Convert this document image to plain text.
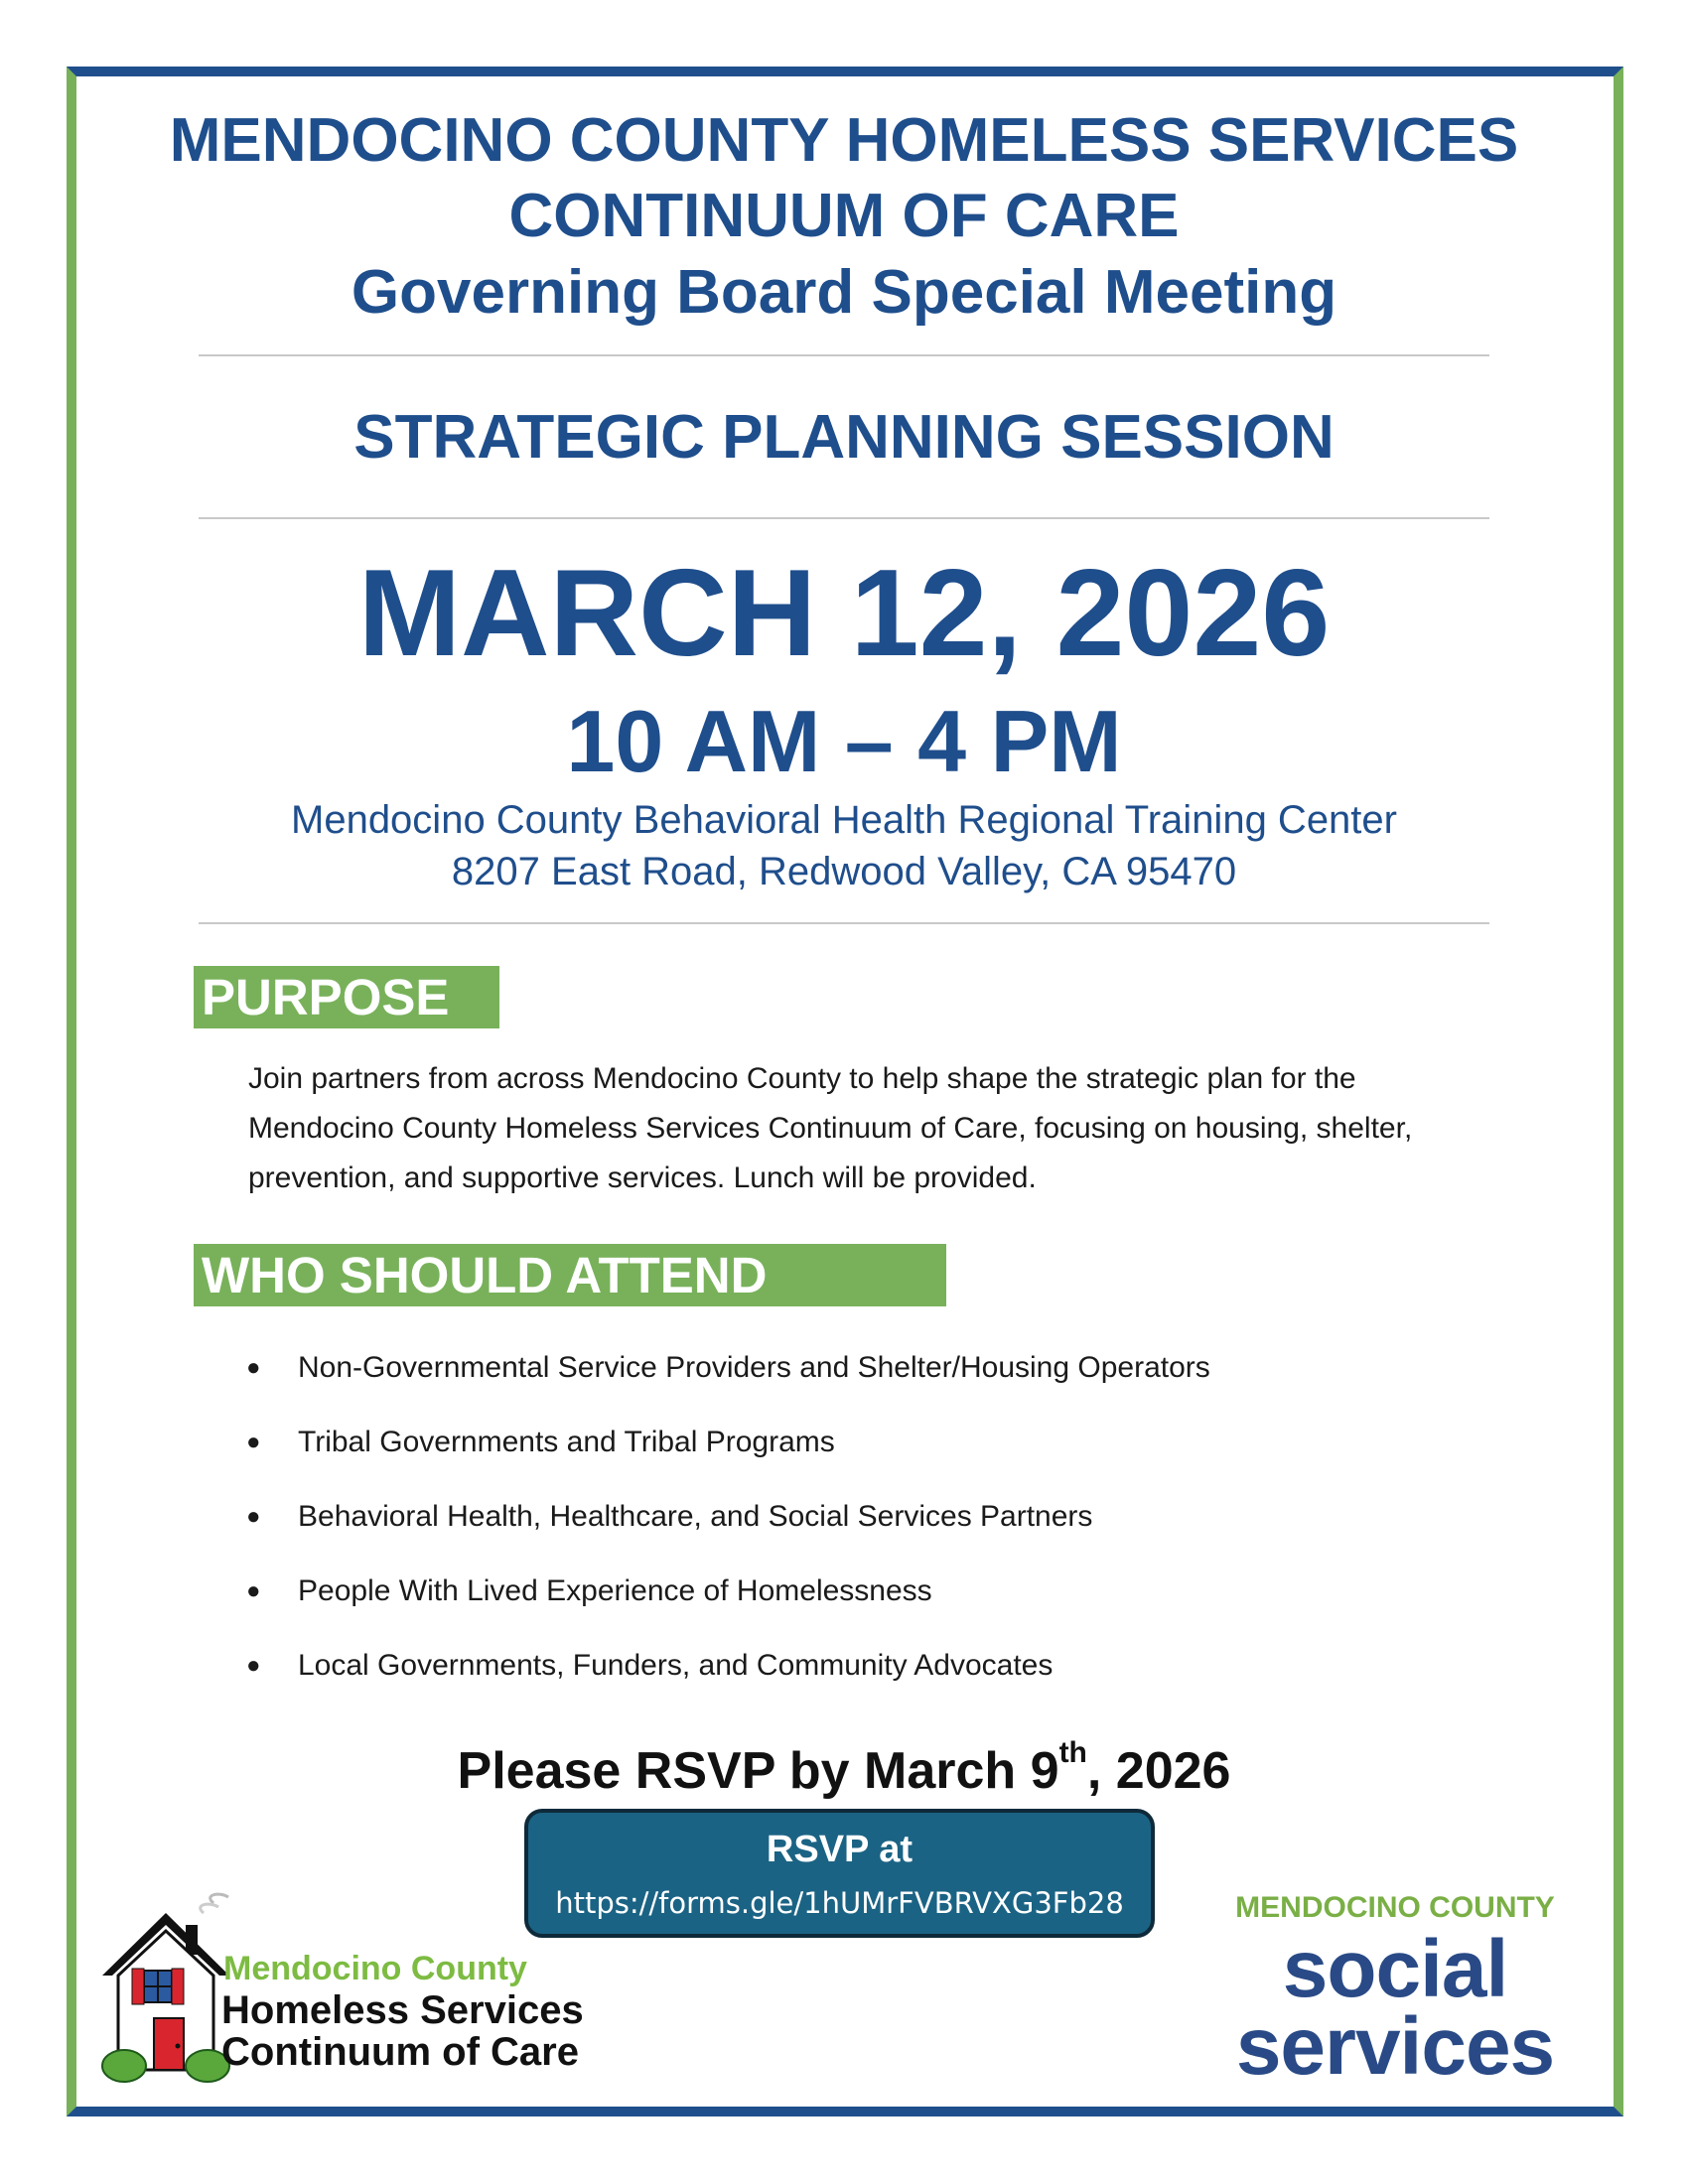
MENDOCINO COUNTY HOMELESS SERVICES
CONTINUUM OF CARE
Governing Board Special Meeting
STRATEGIC PLANNING SESSION
MARCH 12, 2026
10 AM – 4 PM
Mendocino County Behavioral Health Regional Training Center
8207 East Road, Redwood Valley, CA 95470
PURPOSE
Join partners from across Mendocino County to help shape the strategic plan for the Mendocino County Homeless Services Continuum of Care, focusing on housing, shelter, prevention, and supportive services. Lunch will be provided.
WHO SHOULD ATTEND
● Non-Governmental Service Providers and Shelter/Housing Operators
● Tribal Governments and Tribal Programs
● Behavioral Health, Healthcare, and Social Services Partners
● People With Lived Experience of Homelessness
● Local Governments, Funders, and Community Advocates
Please RSVP by March 9th, 2026
RSVP at
https://forms.gle/1hUMrFVBRVXG3Fb28
Mendocino County
Homeless Services
Continuum of Care
MENDOCINO COUNTY
social
services
